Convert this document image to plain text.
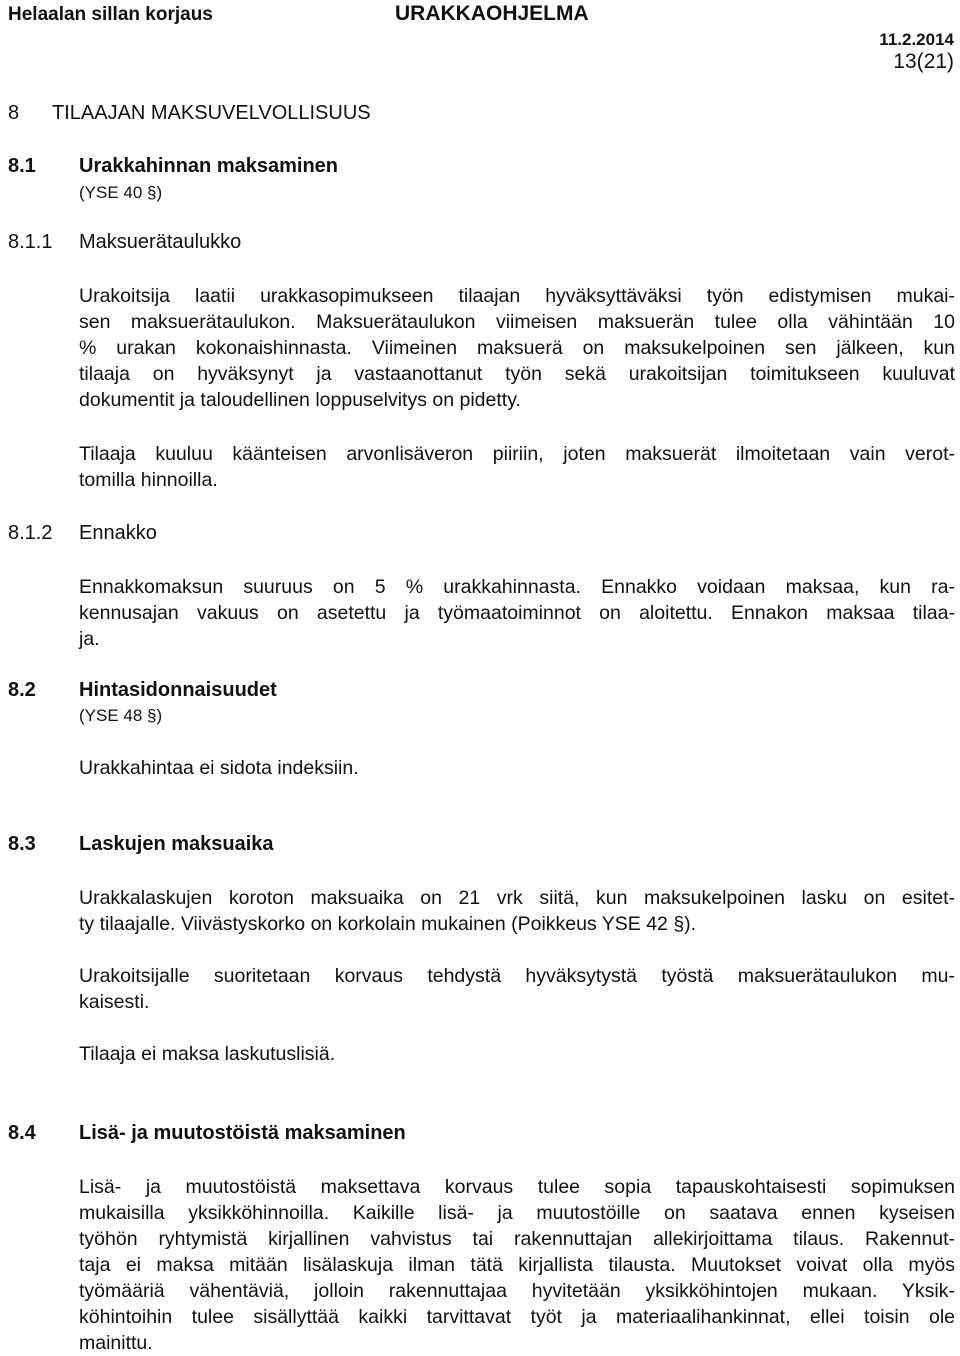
Helaalan sillan korjaus	URAKKAOHJELMA
11.2.2014
13(21)
8 TILAAJAN MAKSUVELVOLLISUUS
8.1 Urakkahinnan maksaminen
(YSE 40 §)
8.1.1 Maksuerätaulukko
Urakoitsija laatii urakkasopimukseen tilaajan hyväksyttäväksi työn edistymisen mukai-
sen maksuerätaulukon. Maksuerätaulukon viimeisen maksuerän tulee olla vähintään 10
% urakan kokonaishinnasta. Viimeinen maksuerä on maksukelpoinen sen jälkeen, kun
tilaaja on hyväksynyt ja vastaanottanut työn sekä urakoitsijan toimitukseen kuuluvat
dokumentit ja taloudellinen loppuselvitys on pidetty.
Tilaaja kuuluu käänteisen arvonlisäveron piiriin, joten maksuerät ilmoitetaan vain verot-
tomilla hinnoilla.
8.1.2 Ennakko
Ennakkomaksun suuruus on 5 % urakkahinnasta. Ennakko voidaan maksaa, kun ra-
kennusajan vakuus on asetettu ja työmaatoiminnot on aloitettu. Ennakon maksaa tilaa-
ja.
8.2 Hintasidonnaisuudet
(YSE 48 §)
Urakkahintaa ei sidota indeksiin.
8.3 Laskujen maksuaika
Urakkalaskujen koroton maksuaika on 21 vrk siitä, kun maksukelpoinen lasku on esitet-
ty tilaajalle. Viivästyskorko on korkolain mukainen (Poikkeus YSE 42 §).
Urakoitsijalle suoritetaan korvaus tehdystä hyväksytystä työstä maksuerätaulukon mu-
kaisesti.
Tilaaja ei maksa laskutuslisiä.
8.4 Lisä- ja muutostöistä maksaminen
Lisä- ja muutostöistä maksettava korvaus tulee sopia tapauskohtaisesti sopimuksen
mukaisilla yksikköhinnoilla. Kaikille lisä- ja muutostöille on saatava ennen kyseisen
työhön ryhtymistä kirjallinen vahvistus tai rakennuttajan allekirjoittama tilaus. Rakennut-
taja ei maksa mitään lisälaskuja ilman tätä kirjallista tilausta. Muutokset voivat olla myös
työmääriä vähentäviä, jolloin rakennuttajaa hyvitetään yksikköhintojen mukaan. Yksik-
köhintoihin tulee sisällyttää kaikki tarvittavat työt ja materiaalihankinnat, ellei toisin ole
mainittu.
